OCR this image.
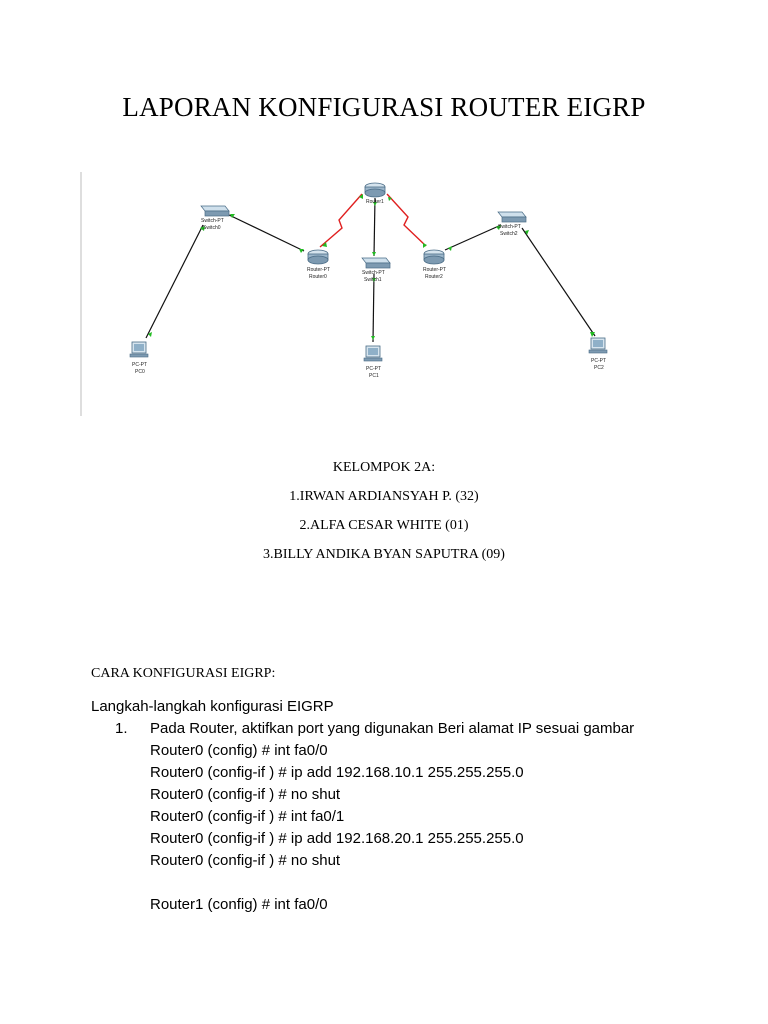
LAPORAN KONFIGURASI ROUTER EIGRP
Router1
Router-PT
Router0
Router-PT
Router2
Switch-PT
Switch0
Switch-PT
Switch1
Switch-PT
Switch2
PC-PT
PC0	PC-PT
PC1
PC-PT
PC2
KELOMPOK 2A:
1.IRWAN ARDIANSYAH P. (32)
2.ALFA CESAR WHITE (01)
3.BILLY ANDIKA BYAN SAPUTRA (09)
CARA KONFIGURASI EIGRP:
Langkah-langkah konfigurasi EIGRP
1. Pada Router, aktifkan port yang digunakan Beri alamat IP sesuai gambar
Router0 (config) # int fa0/0
Router0 (config-if ) # ip add 192.168.10.1 255.255.255.0
Router0 (config-if ) # no shut
Router0 (config-if ) # int fa0/1
Router0 (config-if ) # ip add 192.168.20.1 255.255.255.0
Router0 (config-if ) # no shut
Router1 (config) # int fa0/0
